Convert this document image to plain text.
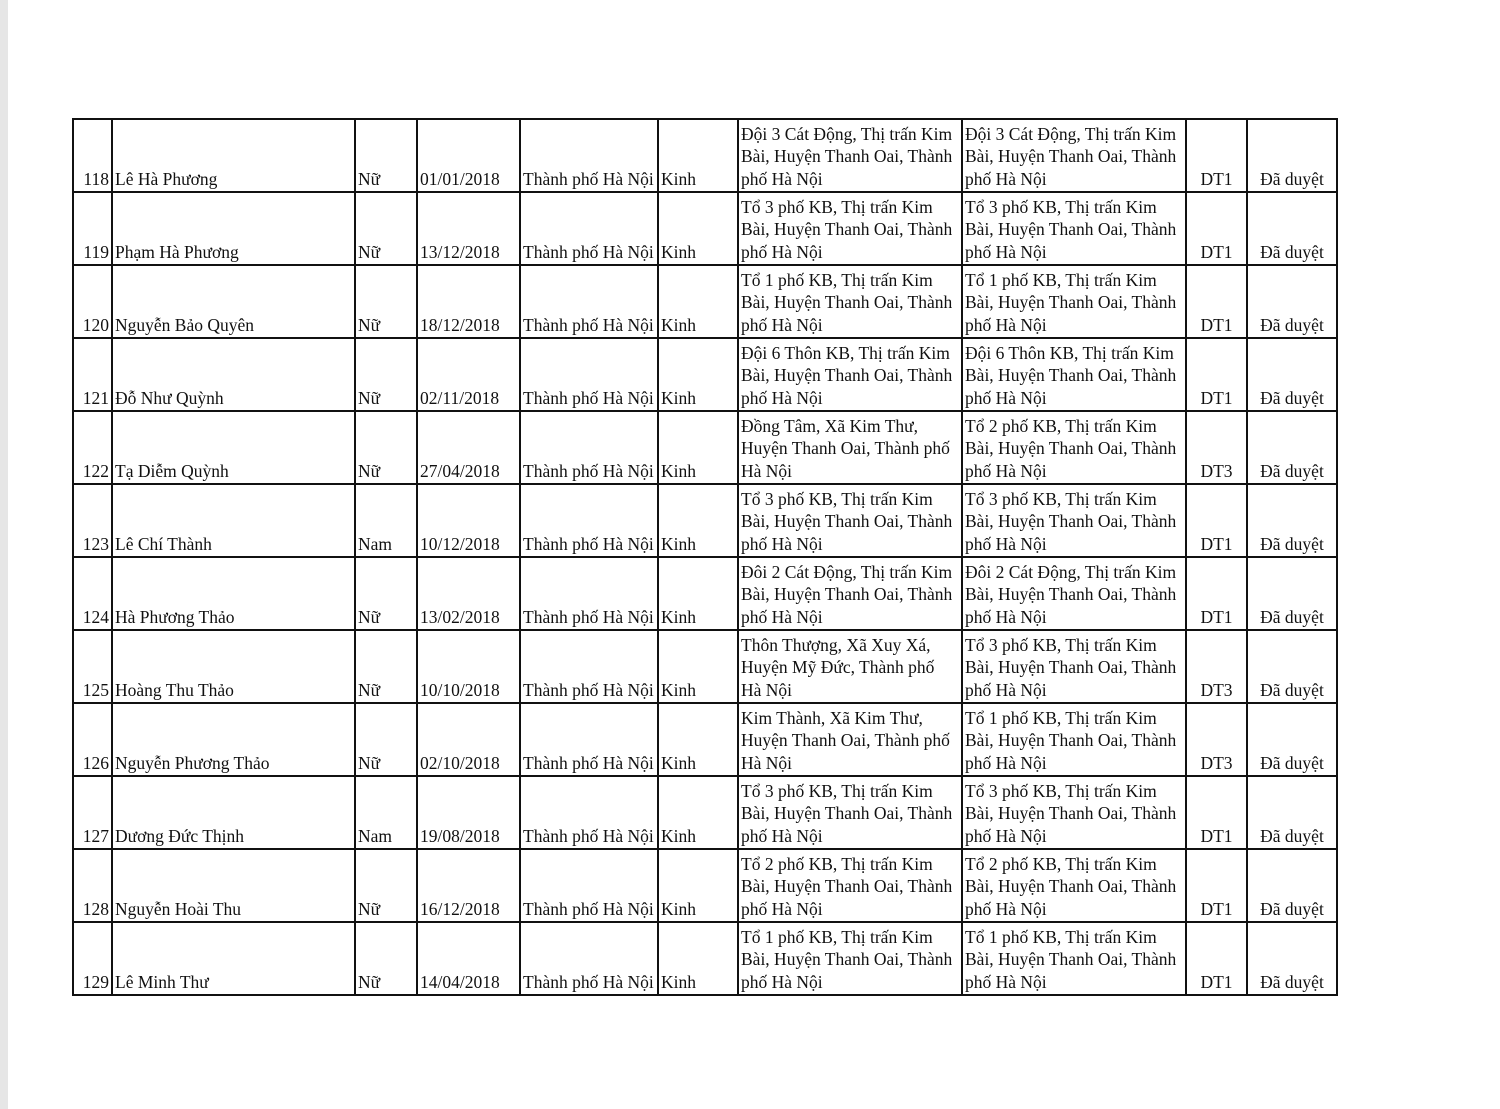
118	Lê Hà Phương	Nữ	01/01/2018	Thành phố Hà Nội	Kinh	Đội 3 Cát Động, Thị trấn Kim Bài, Huyện Thanh Oai, Thành phố Hà Nội	Đội 3 Cát Động, Thị trấn Kim Bài, Huyện Thanh Oai, Thành phố Hà Nội	DT1	Đã duyệt
119	Phạm Hà Phương	Nữ	13/12/2018	Thành phố Hà Nội	Kinh	Tổ 3 phố KB, Thị trấn Kim Bài, Huyện Thanh Oai, Thành phố Hà Nội	Tổ 3 phố KB, Thị trấn Kim Bài, Huyện Thanh Oai, Thành phố Hà Nội	DT1	Đã duyệt
120	Nguyễn Bảo Quyên	Nữ	18/12/2018	Thành phố Hà Nội	Kinh	Tổ 1 phố KB, Thị trấn Kim Bài, Huyện Thanh Oai, Thành phố Hà Nội	Tổ 1 phố KB, Thị trấn Kim Bài, Huyện Thanh Oai, Thành phố Hà Nội	DT1	Đã duyệt
121	Đỗ Như Quỳnh	Nữ	02/11/2018	Thành phố Hà Nội	Kinh	Đội 6 Thôn KB, Thị trấn Kim Bài, Huyện Thanh Oai, Thành phố Hà Nội	Đội 6 Thôn KB, Thị trấn Kim Bài, Huyện Thanh Oai, Thành phố Hà Nội	DT1	Đã duyệt
122	Tạ Diễm Quỳnh	Nữ	27/04/2018	Thành phố Hà Nội	Kinh	Đồng Tâm, Xã Kim Thư, Huyện Thanh Oai, Thành phố Hà Nội	Tổ 2 phố KB, Thị trấn Kim Bài, Huyện Thanh Oai, Thành phố Hà Nội	DT3	Đã duyệt
123	Lê Chí Thành	Nam	10/12/2018	Thành phố Hà Nội	Kinh	Tổ 3 phố KB, Thị trấn Kim Bài, Huyện Thanh Oai, Thành phố Hà Nội	Tổ 3 phố KB, Thị trấn Kim Bài, Huyện Thanh Oai, Thành phố Hà Nội	DT1	Đã duyệt
124	Hà Phương Thảo	Nữ	13/02/2018	Thành phố Hà Nội	Kinh	Đôi 2 Cát Động, Thị trấn Kim Bài, Huyện Thanh Oai, Thành phố Hà Nội	Đôi 2 Cát Động, Thị trấn Kim Bài, Huyện Thanh Oai, Thành phố Hà Nội	DT1	Đã duyệt
125	Hoàng Thu Thảo	Nữ	10/10/2018	Thành phố Hà Nội	Kinh	Thôn Thượng, Xã Xuy Xá, Huyện Mỹ Đức, Thành phố Hà Nội	Tổ 3 phố KB, Thị trấn Kim Bài, Huyện Thanh Oai, Thành phố Hà Nội	DT3	Đã duyệt
126	Nguyễn Phương Thảo	Nữ	02/10/2018	Thành phố Hà Nội	Kinh	Kim Thành, Xã Kim Thư, Huyện Thanh Oai, Thành phố Hà Nội	Tổ 1 phố KB, Thị trấn Kim Bài, Huyện Thanh Oai, Thành phố Hà Nội	DT3	Đã duyệt
127	Dương Đức Thịnh	Nam	19/08/2018	Thành phố Hà Nội	Kinh	Tổ 3 phố KB, Thị trấn Kim Bài, Huyện Thanh Oai, Thành phố Hà Nội	Tổ 3 phố KB, Thị trấn Kim Bài, Huyện Thanh Oai, Thành phố Hà Nội	DT1	Đã duyệt
128	Nguyễn Hoài Thu	Nữ	16/12/2018	Thành phố Hà Nội	Kinh	Tổ 2 phố KB, Thị trấn Kim Bài, Huyện Thanh Oai, Thành phố Hà Nội	Tổ 2 phố KB, Thị trấn Kim Bài, Huyện Thanh Oai, Thành phố Hà Nội	DT1	Đã duyệt
129	Lê Minh Thư	Nữ	14/04/2018	Thành phố Hà Nội	Kinh	Tổ 1 phố KB, Thị trấn Kim Bài, Huyện Thanh Oai, Thành phố Hà Nội	Tổ 1 phố KB, Thị trấn Kim Bài, Huyện Thanh Oai, Thành phố Hà Nội	DT1	Đã duyệt
